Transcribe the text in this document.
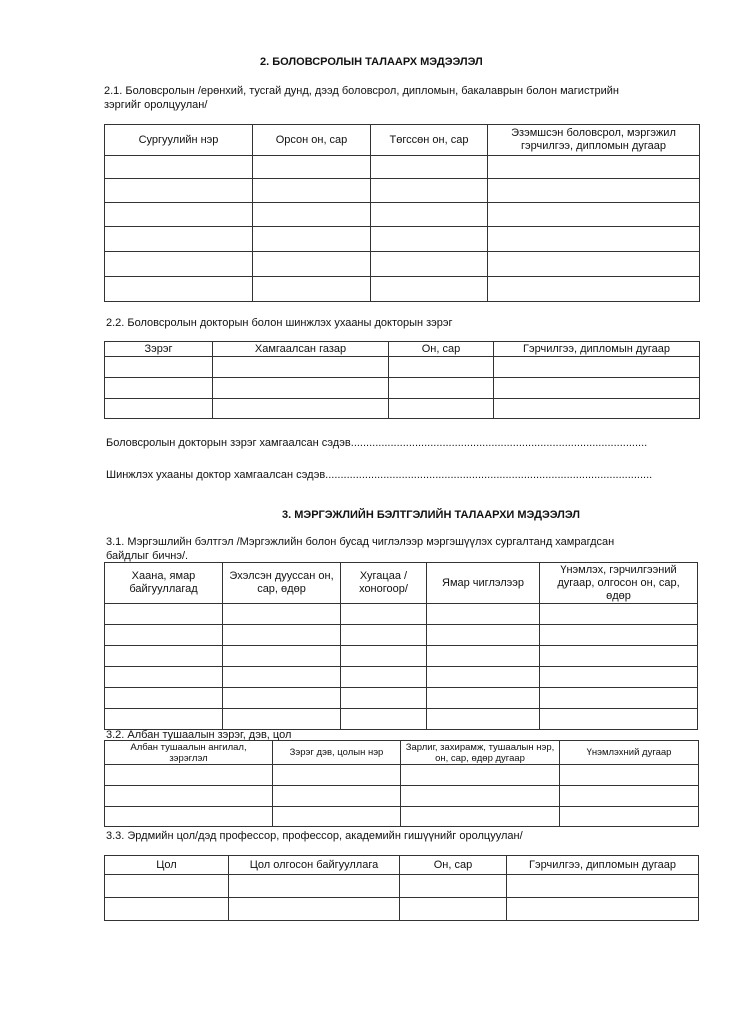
2. БОЛОВСРОЛЫН ТАЛААРХ МЭДЭЭЛЭЛ
2.1. Боловсролын /ерөнхий, тусгай дунд, дээд боловсрол, дипломын, бакалаврын болон магистрийн
зэргийг оролцуулан/
Сургуулийн нэр	Орсон он, сар	Төгссөн он, сар	Эзэмшсэн боловсрол, мэргэжил гэрчилгээ, дипломын дугаар

2.2. Боловсролын докторын болон шинжлэх ухааны докторын зэрэг
Зэрэг	Хамгаалсан газар	Он, сар	Гэрчилгээ, дипломын дугаар

Боловсролын докторын зэрэг хамгаалсан сэдэв.................................................................................................
Шинжлэх ухааны доктор хамгаалсан сэдэв...........................................................................................................
3. МЭРГЭЖЛИЙН БЭЛТГЭЛИЙН ТАЛААРХИ МЭДЭЭЛЭЛ
3.1. Мэргэшлийн бэлтгэл /Мэргэжлийн болон бусад чиглэлээр мэргэшүүлэх сургалтанд хамрагдсан
байдлыг бичнэ/.
Хаана, ямар байгууллагад	Эхэлсэн дууссан он, сар, өдөр	Хугацаа /хоногоор/	Ямар чиглэлээр	Үнэмлэх, гэрчилгээний дугаар, олгосон он, сар, өдөр

3.2. Албан тушаалын зэрэг, дэв, цол
Албан тушаалын ангилал, зэрэглэл	Зэрэг дэв, цолын нэр	Зарлиг, захирамж, тушаалын нэр, он, сар, өдөр дугаар	Үнэмлэхний дугаар

3.3. Эрдмийн цол/дэд профессор, профессор, академийн гишүүнийг оролцуулан/
Цол	Цол олгосон байгууллага	Он, сар	Гэрчилгээ, дипломын дугаар
